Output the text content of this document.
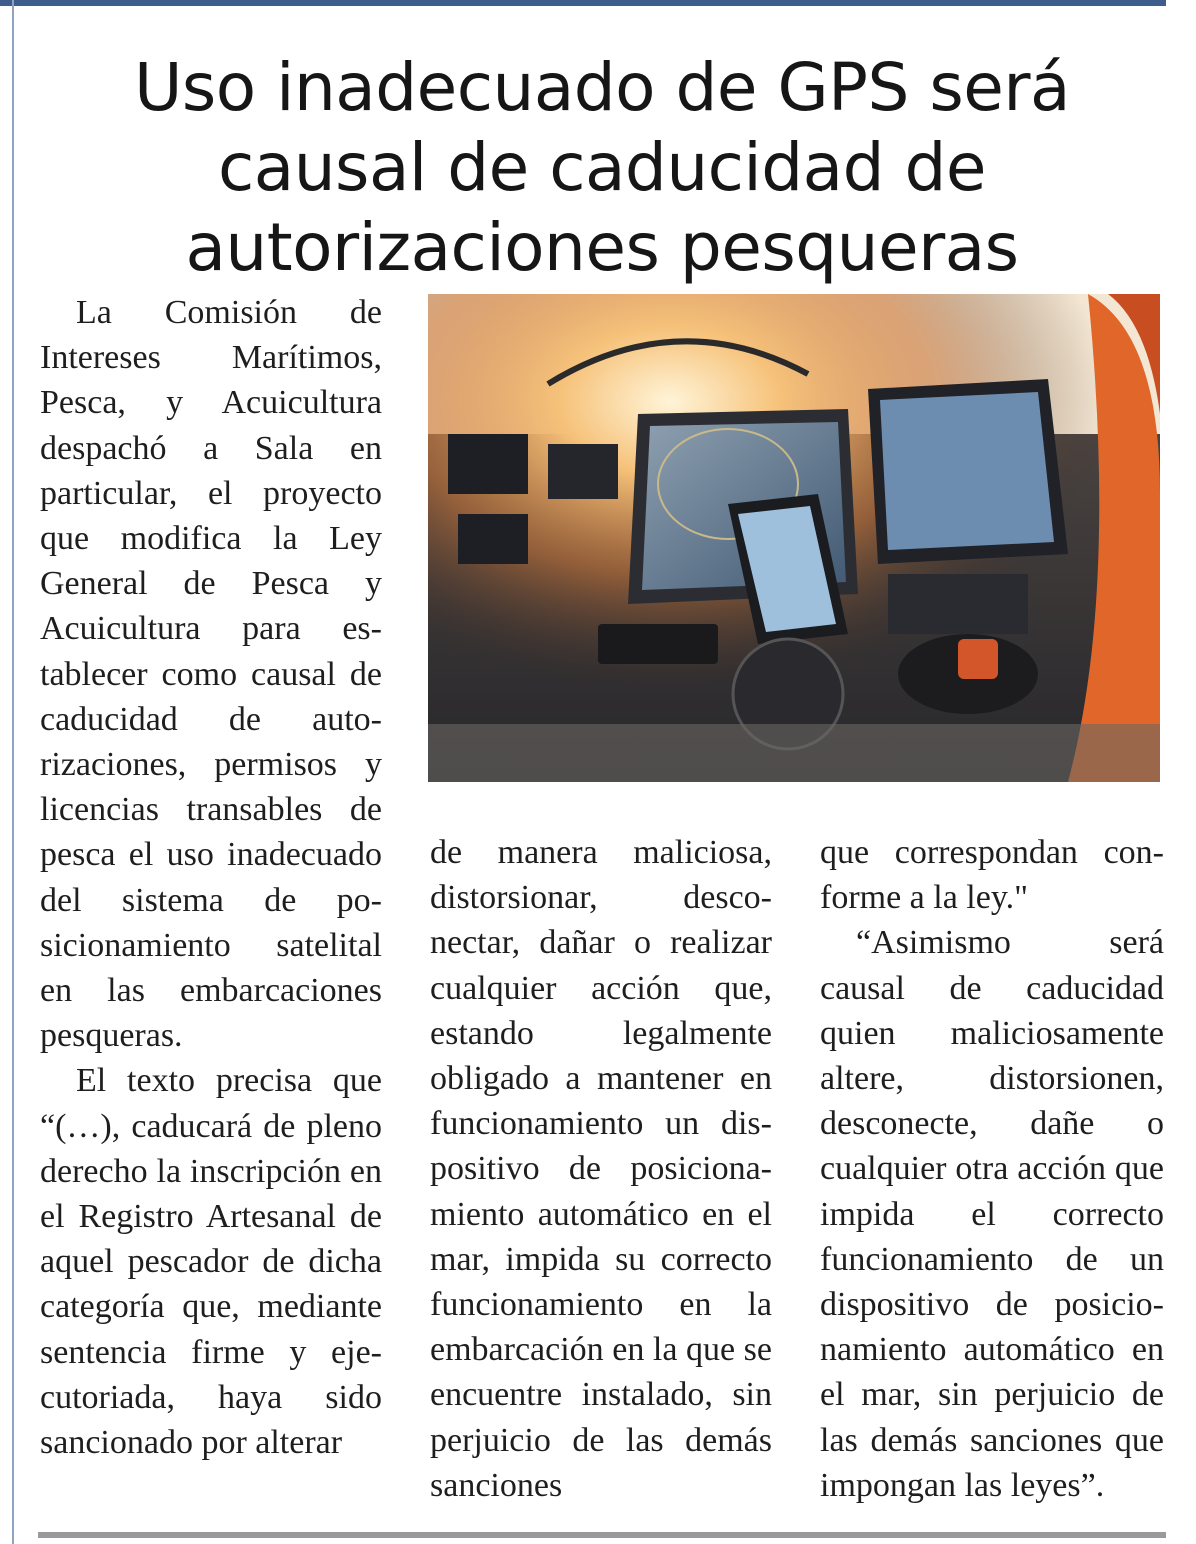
Uso inadecuado de GPS será causal de caducidad de autorizaciones pesqueras

La Comisión de Intereses Marítimos, Pesca, y Acuicultura despachó a Sala en particular, el proyecto que modifica la Ley General de Pesca y Acuicultura para establecer como causal de caducidad de autorizaciones, permisos y licencias transables de pesca el uso inadecuado del sistema de posicionamiento satelital en las embarcaciones pesqueras.

El texto precisa que “(…), caducará de pleno derecho la inscripción en el Registro Artesanal de aquel pescador de dicha categoría que, mediante sentencia firme y ejecutoriada, haya sido sancionado por alterar

de manera maliciosa, distorsionar, desconectar, dañar o realizar cualquier acción que, estando legalmente obligado a mantener en funcionamiento un dispositivo de posicionamiento automático en el mar, impida su correcto funcionamiento en la embarcación en la que se encuentre instalado, sin perjuicio de las demás sanciones

que correspondan conforme a la ley."

“Asimismo será causal de caducidad quien maliciosamente altere, distorsionen, desconecte, dañe o cualquier otra acción que impida el correcto funcionamiento de un dispositivo de posicionamiento automático en el mar, sin perjuicio de las demás sanciones que impongan las leyes”.
